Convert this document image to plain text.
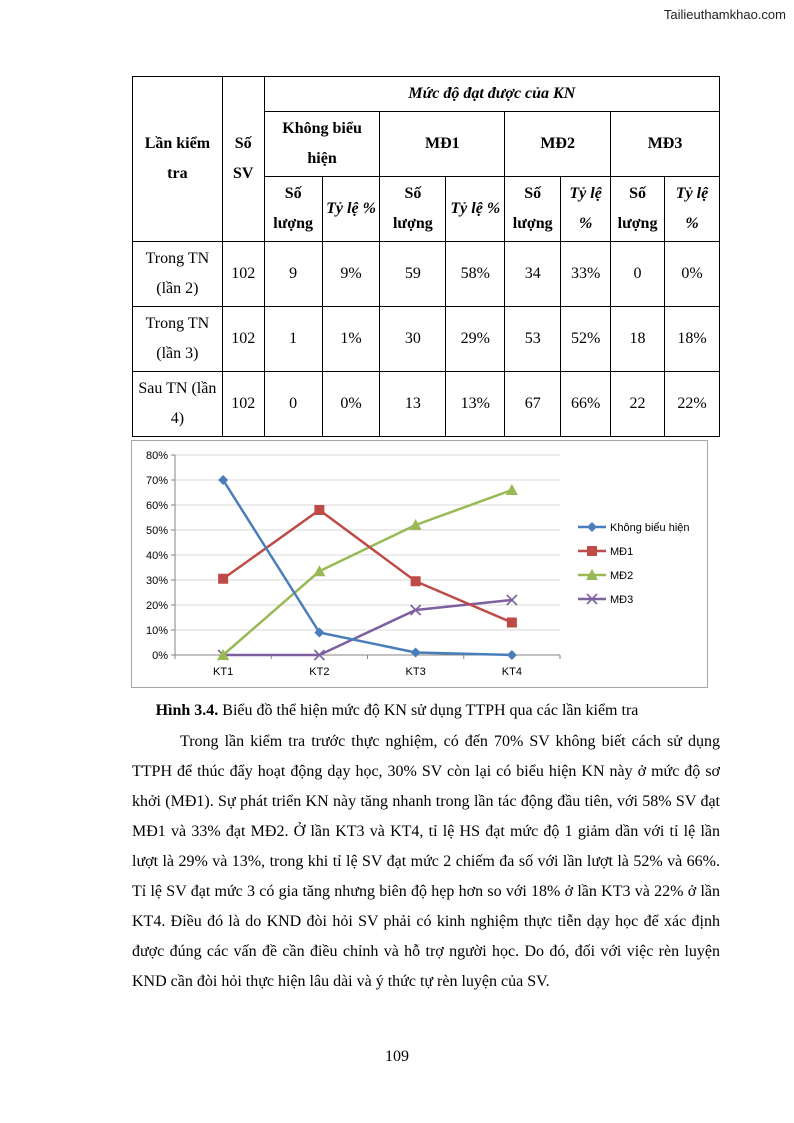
Tailieuthamkhao.com
Lần kiểm tra	Số SV	Mức độ đạt được của KN							
		Không biểu hiện		MĐ1		MĐ2		MĐ3	
		Số lượng	Tỷ lệ %	Số lượng	Tỷ lệ %	Số lượng	Tỷ lệ %	Số lượng	Tỷ lệ %
Trong TN (lần 2)	102	9	9%	59	58%	34	33%	0	0%
Trong TN (lần 3)	102	1	1%	30	29%	53	52%	18	18%
Sau TN (lần 4)	102	0	0%	13	13%	67	66%	22	22%
0%
10%
20%
30%
40%
50%
60%
70%
80%
KT1	KT2	KT3	KT4
Không biểu hiện
MĐ1
MĐ2
MĐ3
Hình 3.4. Biểu đồ thể hiện mức độ KN sử dụng TTPH qua các lần kiểm tra

Trong lần kiểm tra trước thực nghiệm, có đến 70% SV không biết cách sử dụng TTPH để thúc đẩy hoạt động dạy học, 30% SV còn lại có biểu hiện KN này ở mức độ sơ khởi (MĐ1). Sự phát triển KN này tăng nhanh trong lần tác động đầu tiên, với 58% SV đạt MĐ1 và 33% đạt MĐ2. Ở lần KT3 và KT4, tỉ lệ HS đạt mức độ 1 giảm dần với tỉ lệ lần lượt là 29% và 13%, trong khi tỉ lệ SV đạt mức 2 chiếm đa số với lần lượt là 52% và 66%. Tỉ lệ SV đạt mức 3 có gia tăng nhưng biên độ hẹp hơn so với 18% ở lần KT3 và 22% ở lần KT4. Điều đó là do KND đòi hỏi SV phải có kinh nghiệm thực tiễn dạy học để xác định được đúng các vấn đề cần điều chỉnh và hỗ trợ người học. Do đó, đối với việc rèn luyện KND cần đòi hỏi thực hiện lâu dài và ý thức tự rèn luyện của SV.

109
